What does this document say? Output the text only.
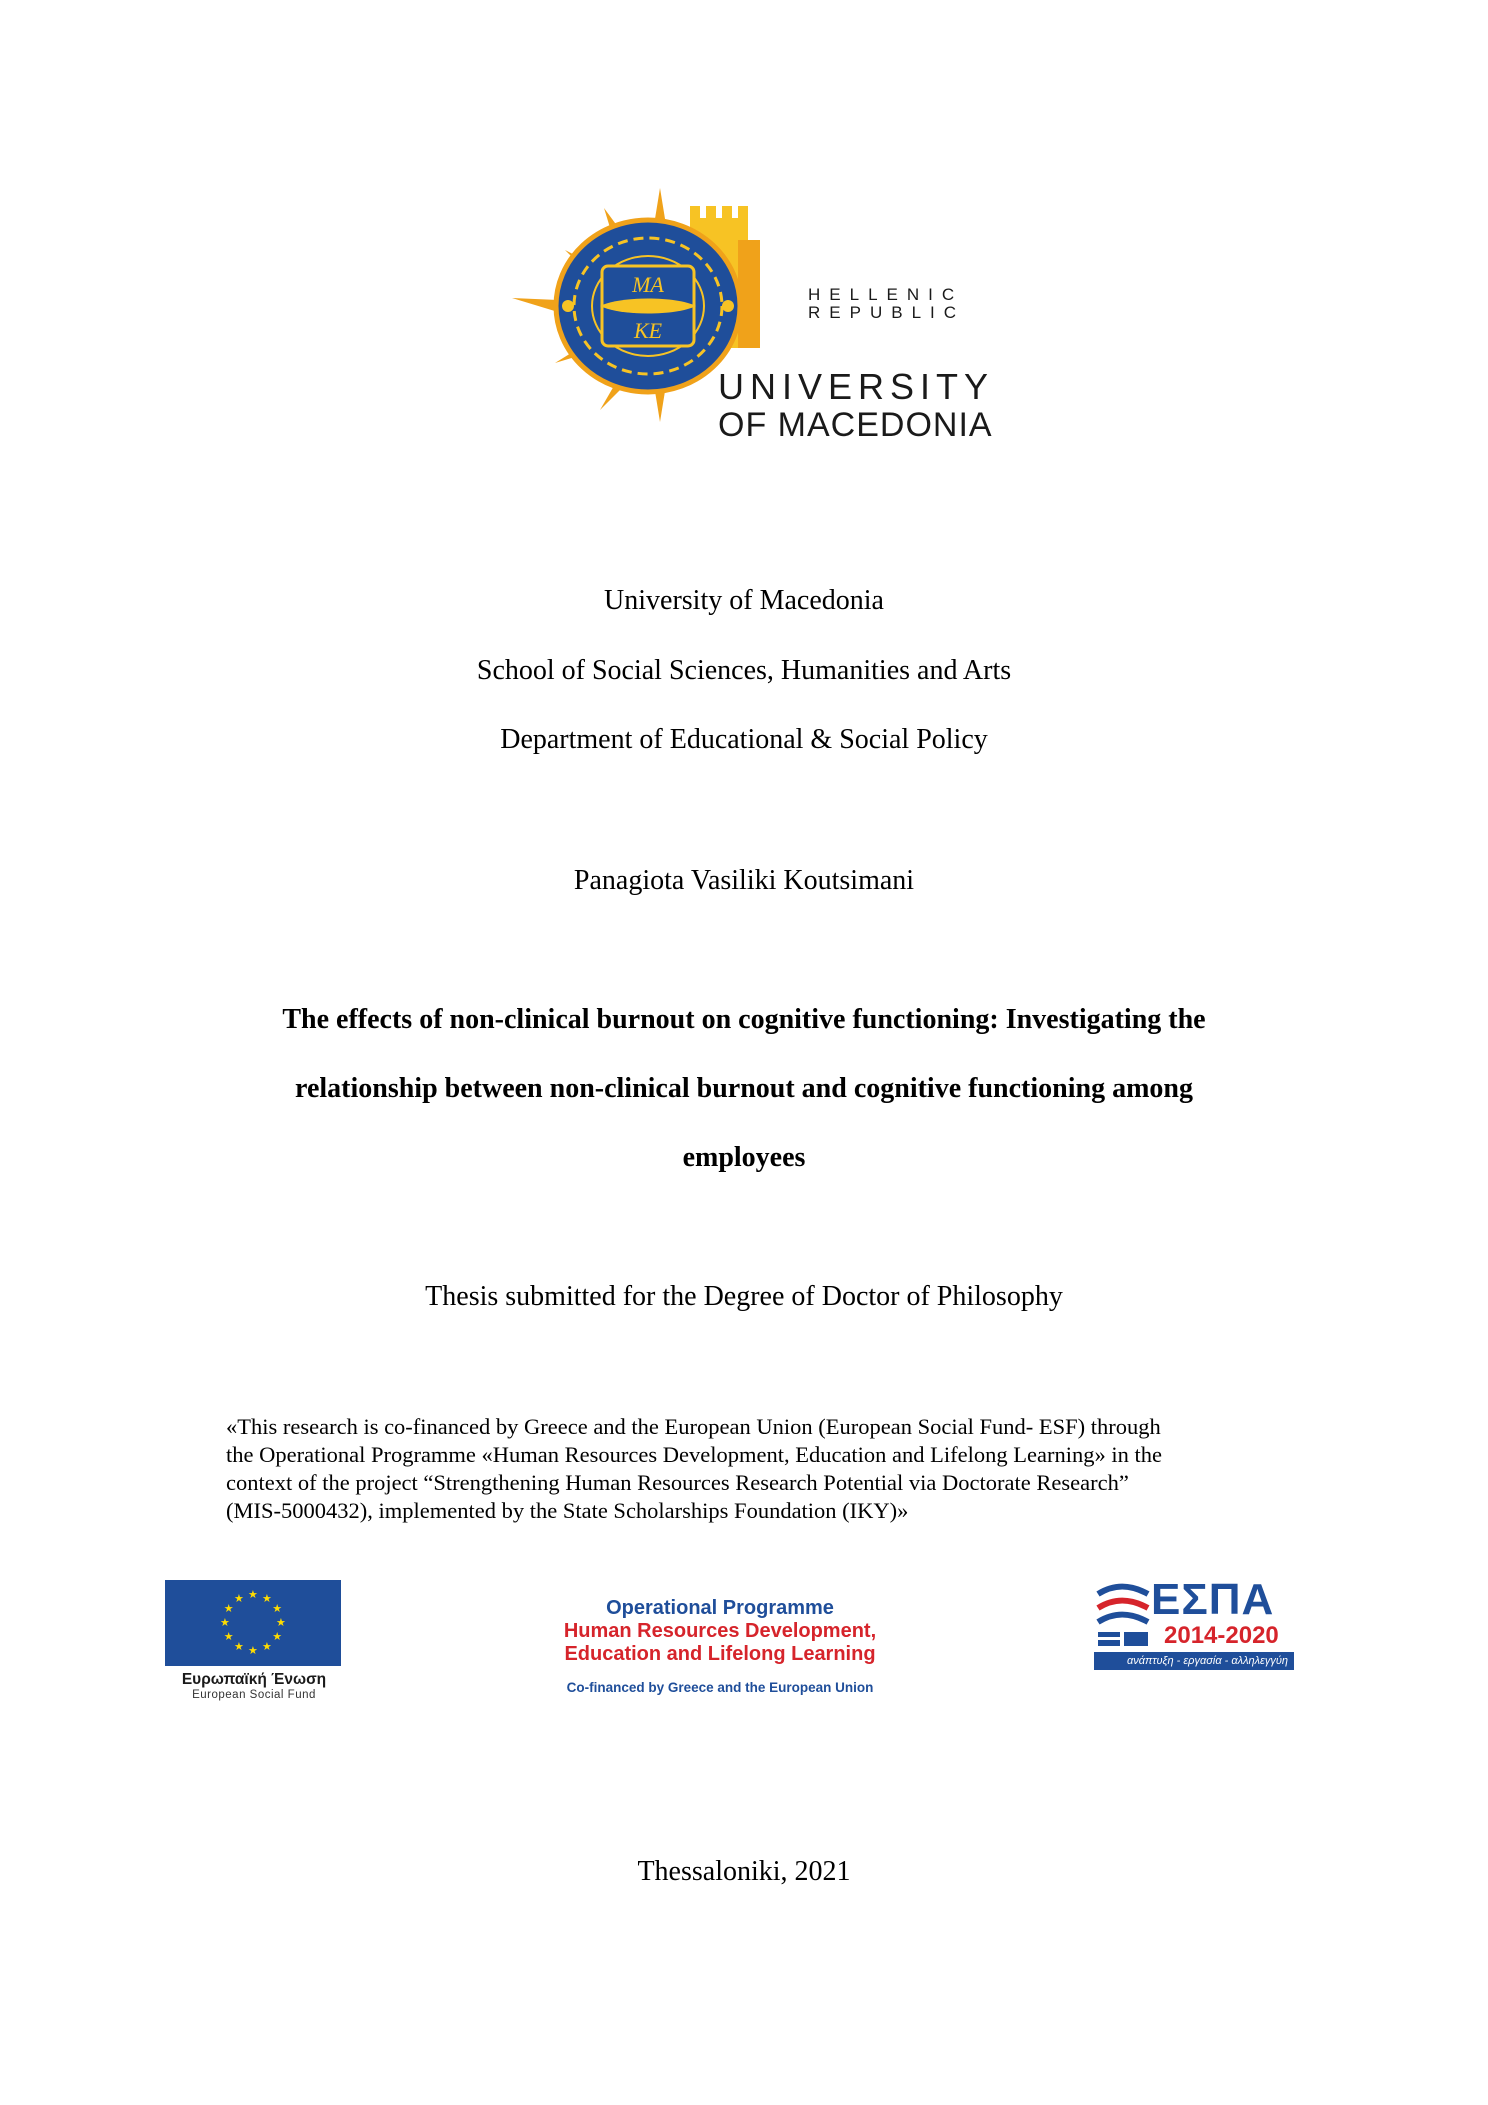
ΜΑ
ΚΕ
HELLENIC
REPUBLIC
UNIVERSITY
OF MACEDONIA
University of Macedonia
School of Social Sciences, Humanities and Arts
Department of Educational & Social Policy
Panagiota Vasiliki Koutsimani
The effects of non-clinical burnout on cognitive functioning: Investigating the
relationship between non-clinical burnout and cognitive functioning among
employees
Thesis submitted for the Degree of Doctor of Philosophy
«This research is co-financed by Greece and the European Union (European Social Fund- ESF) through
the Operational Programme «Human Resources Development, Education and Lifelong Learning» in the
context of the project “Strengthening Human Resources Research Potential via Doctorate Research”
(MIS-5000432), implemented by the State Scholarships Foundation (IKY)»
★ ★
★
★
★
★
★
★
★
★
★
★
Ευρωπαϊκή Ένωση
European Social Fund
Operational Programme
Human Resources Development,
Education and Lifelong Learning
Co-financed by Greece and the European Union
ΕΣΠΑ
2014-2020
ανάπτυξη - εργασία - αλληλεγγύη
Thessaloniki, 2021
